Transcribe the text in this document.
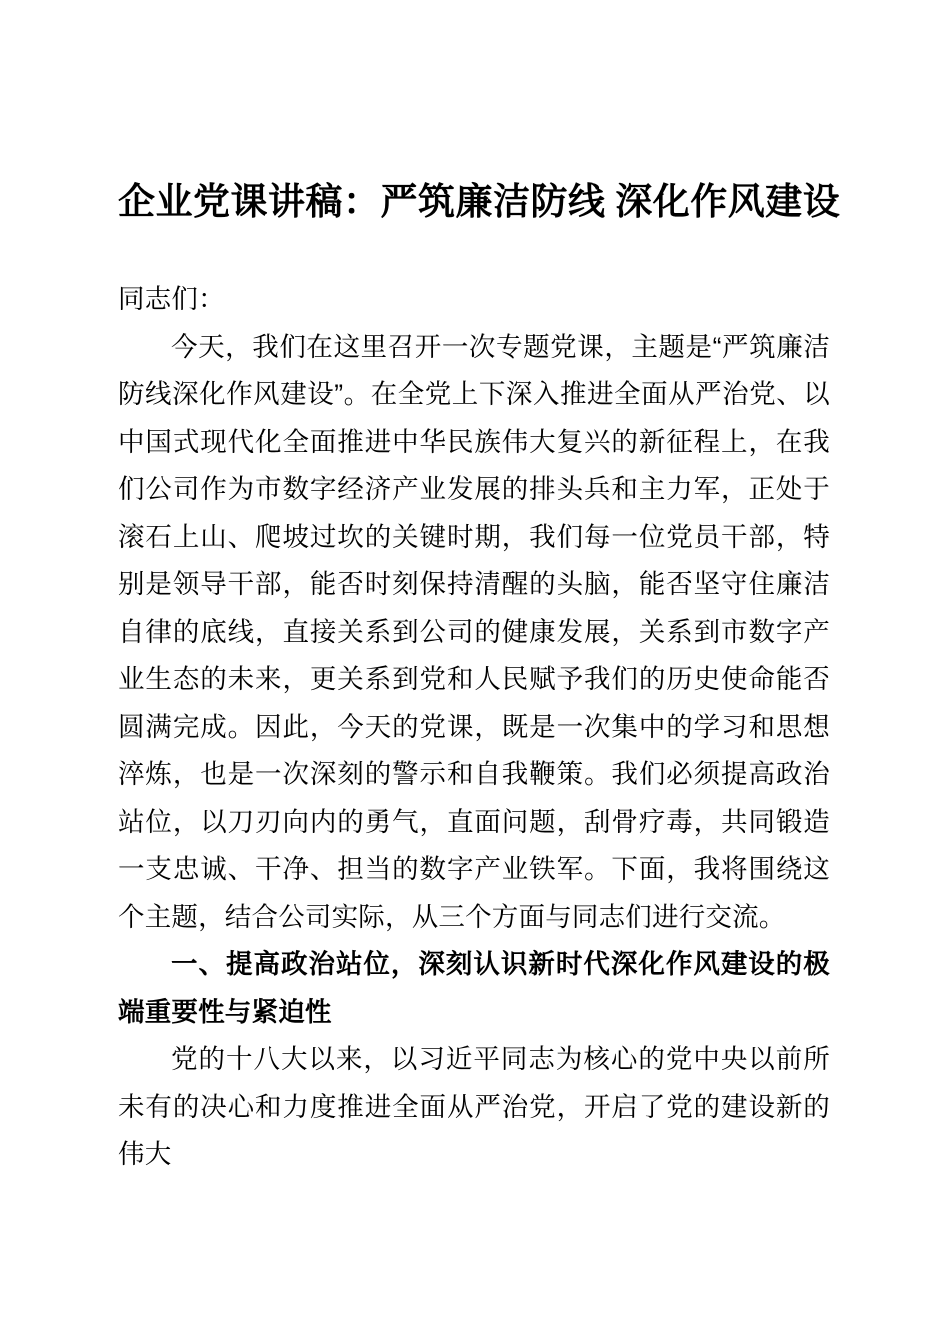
企业党课讲稿：严筑廉洁防线 深化作风建设

同志们：

今天，我们在这里召开一次专题党课，主题是“严筑廉洁防线深化作风建设”。在全党上下深入推进全面从严治党、以中国式现代化全面推进中华民族伟大复兴的新征程上，在我们公司作为市数字经济产业发展的排头兵和主力军，正处于滚石上山、爬坡过坎的关键时期，我们每一位党员干部，特别是领导干部，能否时刻保持清醒的头脑，能否坚守住廉洁自律的底线，直接关系到公司的健康发展，关系到市数字产业生态的未来，更关系到党和人民赋予我们的历史使命能否圆满完成。因此，今天的党课，既是一次集中的学习和思想淬炼，也是一次深刻的警示和自我鞭策。我们必须提高政治站位，以刀刃向内的勇气，直面问题，刮骨疗毒，共同锻造一支忠诚、干净、担当的数字产业铁军。下面，我将围绕这个主题，结合公司实际，从三个方面与同志们进行交流。

一、提高政治站位，深刻认识新时代深化作风建设的极端重要性与紧迫性

党的十八大以来，以习近平同志为核心的党中央以前所未有的决心和力度推进全面从严治党，开启了党的建设新的伟大
